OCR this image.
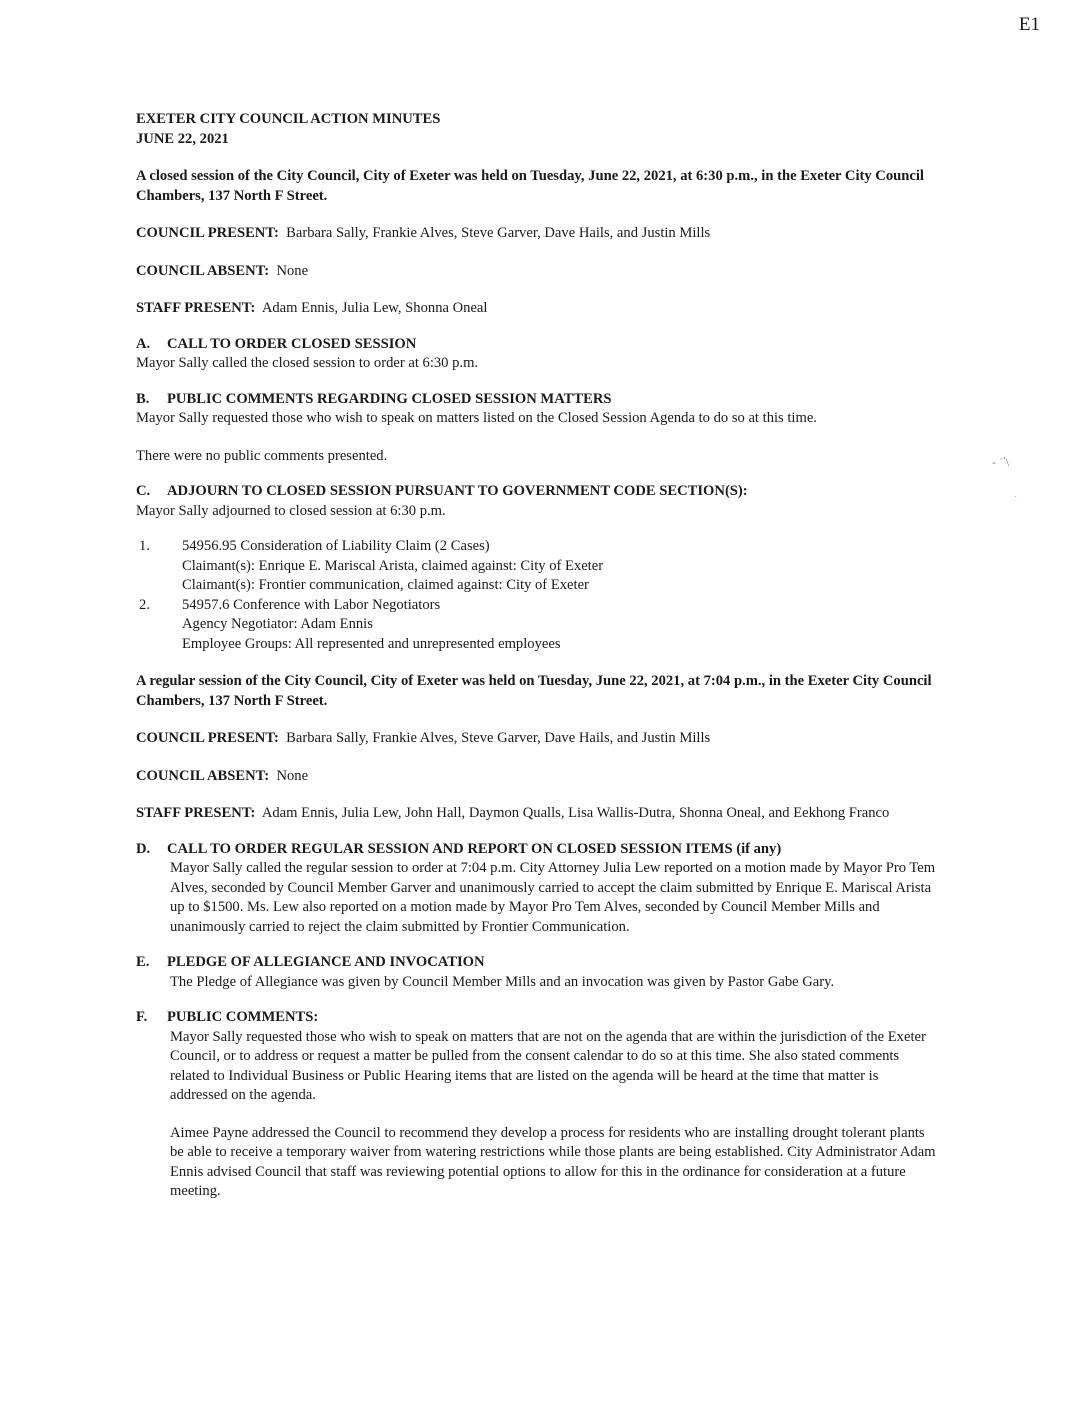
E1
- ˙‵\
·

EXETER CITY COUNCIL ACTION MINUTES

JUNE 22, 2021

A closed session of the City Council, City of Exeter was held on Tuesday, June 22, 2021, at 6:30 p.m., in the Exeter City Council Chambers, 137 North F Street.

COUNCIL PRESENT: Barbara Sally, Frankie Alves, Steve Garver, Dave Hails, and Justin Mills

COUNCIL ABSENT: None

STAFF PRESENT: Adam Ennis, Julia Lew, Shonna Oneal

A. CALL TO ORDER CLOSED SESSION

Mayor Sally called the closed session to order at 6:30 p.m.

B. PUBLIC COMMENTS REGARDING CLOSED SESSION MATTERS

Mayor Sally requested those who wish to speak on matters listed on the Closed Session Agenda to do so at this time.

There were no public comments presented.

C. ADJOURN TO CLOSED SESSION PURSUANT TO GOVERNMENT CODE SECTION(S):

Mayor Sally adjourned to closed session at 6:30 p.m.

1. 54956.95 Consideration of Liability Claim (2 Cases)
Claimant(s): Enrique E. Mariscal Arista, claimed against: City of Exeter
Claimant(s): Frontier communication, claimed against: City of Exeter
2. 54957.6 Conference with Labor Negotiators
Agency Negotiator: Adam Ennis
Employee Groups: All represented and unrepresented employees

A regular session of the City Council, City of Exeter was held on Tuesday, June 22, 2021, at 7:04 p.m., in the Exeter City Council Chambers, 137 North F Street.

COUNCIL PRESENT: Barbara Sally, Frankie Alves, Steve Garver, Dave Hails, and Justin Mills

COUNCIL ABSENT: None

STAFF PRESENT: Adam Ennis, Julia Lew, John Hall, Daymon Qualls, Lisa Wallis-Dutra, Shonna Oneal, and Eekhong Franco

D. CALL TO ORDER REGULAR SESSION AND REPORT ON CLOSED SESSION ITEMS (if any)

Mayor Sally called the regular session to order at 7:04 p.m. City Attorney Julia Lew reported on a motion made by Mayor Pro Tem Alves, seconded by Council Member Garver and unanimously carried to accept the claim submitted by Enrique E. Mariscal Arista up to $1500. Ms. Lew also reported on a motion made by Mayor Pro Tem Alves, seconded by Council Member Mills and unanimously carried to reject the claim submitted by Frontier Communication.

E. PLEDGE OF ALLEGIANCE AND INVOCATION

The Pledge of Allegiance was given by Council Member Mills and an invocation was given by Pastor Gabe Gary.

F. PUBLIC COMMENTS:

Mayor Sally requested those who wish to speak on matters that are not on the agenda that are within the jurisdiction of the Exeter Council, or to address or request a matter be pulled from the consent calendar to do so at this time. She also stated comments related to Individual Business or Public Hearing items that are listed on the agenda will be heard at the time that matter is addressed on the agenda.

Aimee Payne addressed the Council to recommend they develop a process for residents who are installing drought tolerant plants be able to receive a temporary waiver from watering restrictions while those plants are being established. City Administrator Adam Ennis advised Council that staff was reviewing potential options to allow for this in the ordinance for consideration at a future meeting.
